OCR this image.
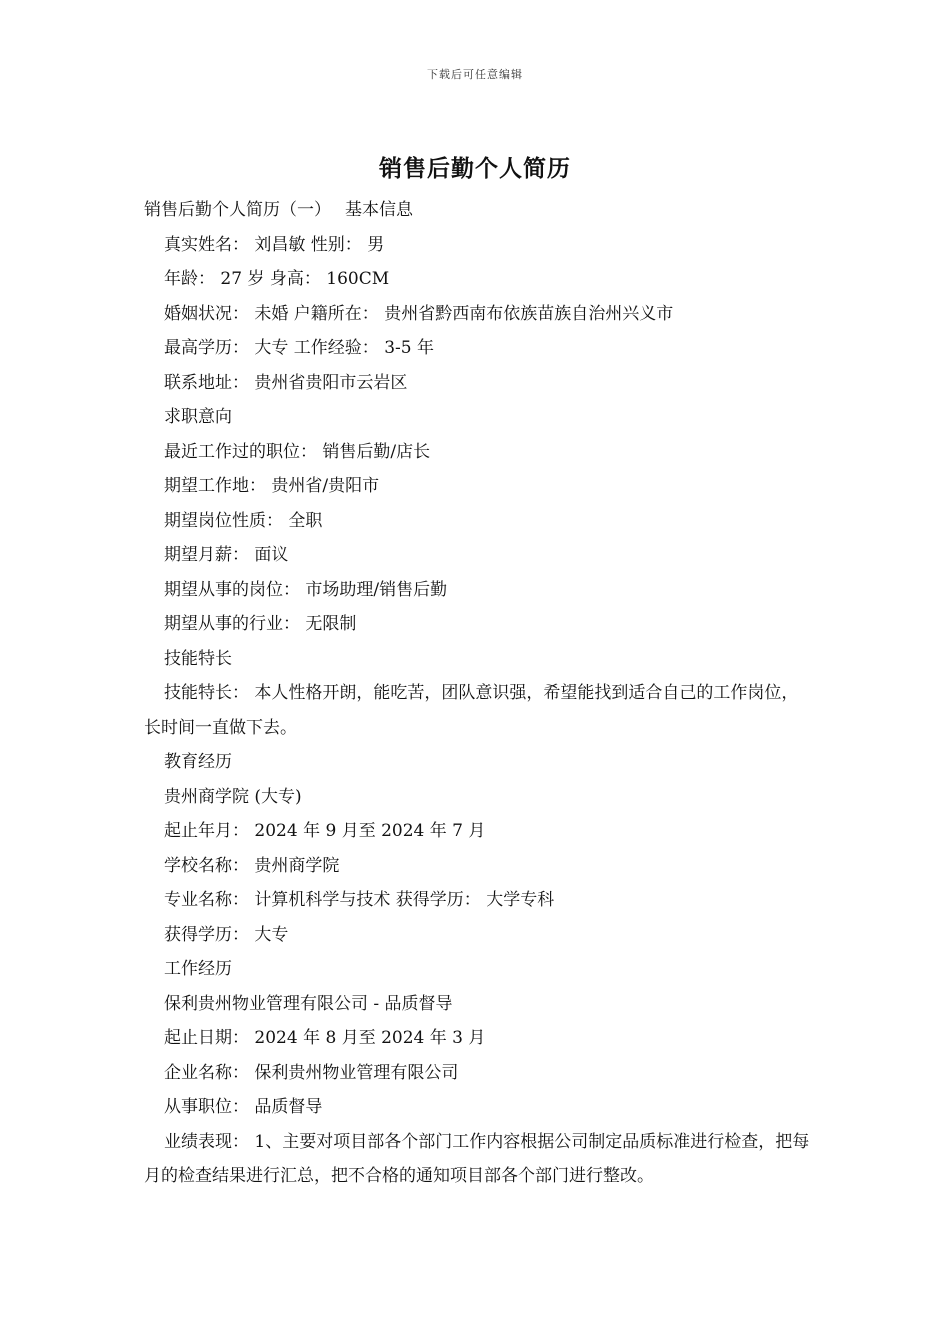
下载后可任意编辑
销售后勤个人简历
销售后勤个人简历（一） 基本信息
真实姓名： 刘昌敏 性别： 男
年龄： 27 岁 身高： 160CM
婚姻状况： 未婚 户籍所在： 贵州省黔西南布依族苗族自治州兴义市
最高学历： 大专 工作经验： 3-5 年
联系地址： 贵州省贵阳市云岩区
求职意向
最近工作过的职位： 销售后勤/店长
期望工作地： 贵州省/贵阳市
期望岗位性质： 全职
期望月薪： 面议
期望从事的岗位： 市场助理/销售后勤
期望从事的行业： 无限制
技能特长
技能特长： 本人性格开朗，能吃苦，团队意识强，希望能找到适合自己的工作岗位，长时间一直做下去。
教育经历
贵州商学院 (大专)
起止年月： 2024 年 9 月至 2024 年 7 月
学校名称： 贵州商学院
专业名称： 计算机科学与技术 获得学历： 大学专科
获得学历： 大专
工作经历
保利贵州物业管理有限公司 - 品质督导
起止日期： 2024 年 8 月至 2024 年 3 月
企业名称： 保利贵州物业管理有限公司
从事职位： 品质督导
业绩表现： 1、主要对项目部各个部门工作内容根据公司制定品质标准进行检查，把每月的检查结果进行汇总，把不合格的通知项目部各个部门进行整改。
